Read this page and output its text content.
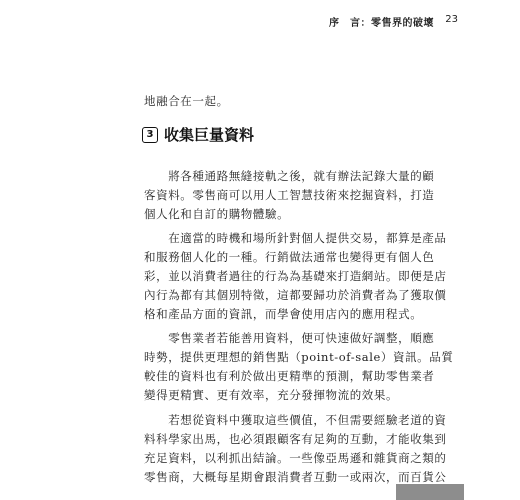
序　言：零售界的破壞 23
地融合在一起。
3 收集巨量資料
　　將各種通路無縫接軌之後，就有辦法記錄大量的顧
客資料。零售商可以用人工智慧技術來挖掘資料，打造
個人化和自訂的購物體驗。
　　在適當的時機和場所針對個人提供交易，都算是產品
和服務個人化的一種。行銷做法通常也變得更有個人色
彩，並以消費者過往的行為為基礎來打造網站。即便是店
內行為都有其個別特徵，這都要歸功於消費者為了獲取價
格和產品方面的資訊，而學會使用店內的應用程式。
　　零售業者若能善用資料，便可快速做好調整，順應
時勢，提供更理想的銷售點（point-of-sale）資訊。品質
較佳的資料也有利於做出更精準的預測，幫助零售業者
變得更精實、更有效率，充分發揮物流的效果。
　　若想從資料中獲取這些價值，不但需要經驗老道的資
料科學家出馬，也必須跟顧客有足夠的互動，才能收集到
充足資料，以利抓出結論。一些像亞馬遜和雜貨商之類的
零售商，大概每星期會跟消費者互動一或兩次，而百貨公
